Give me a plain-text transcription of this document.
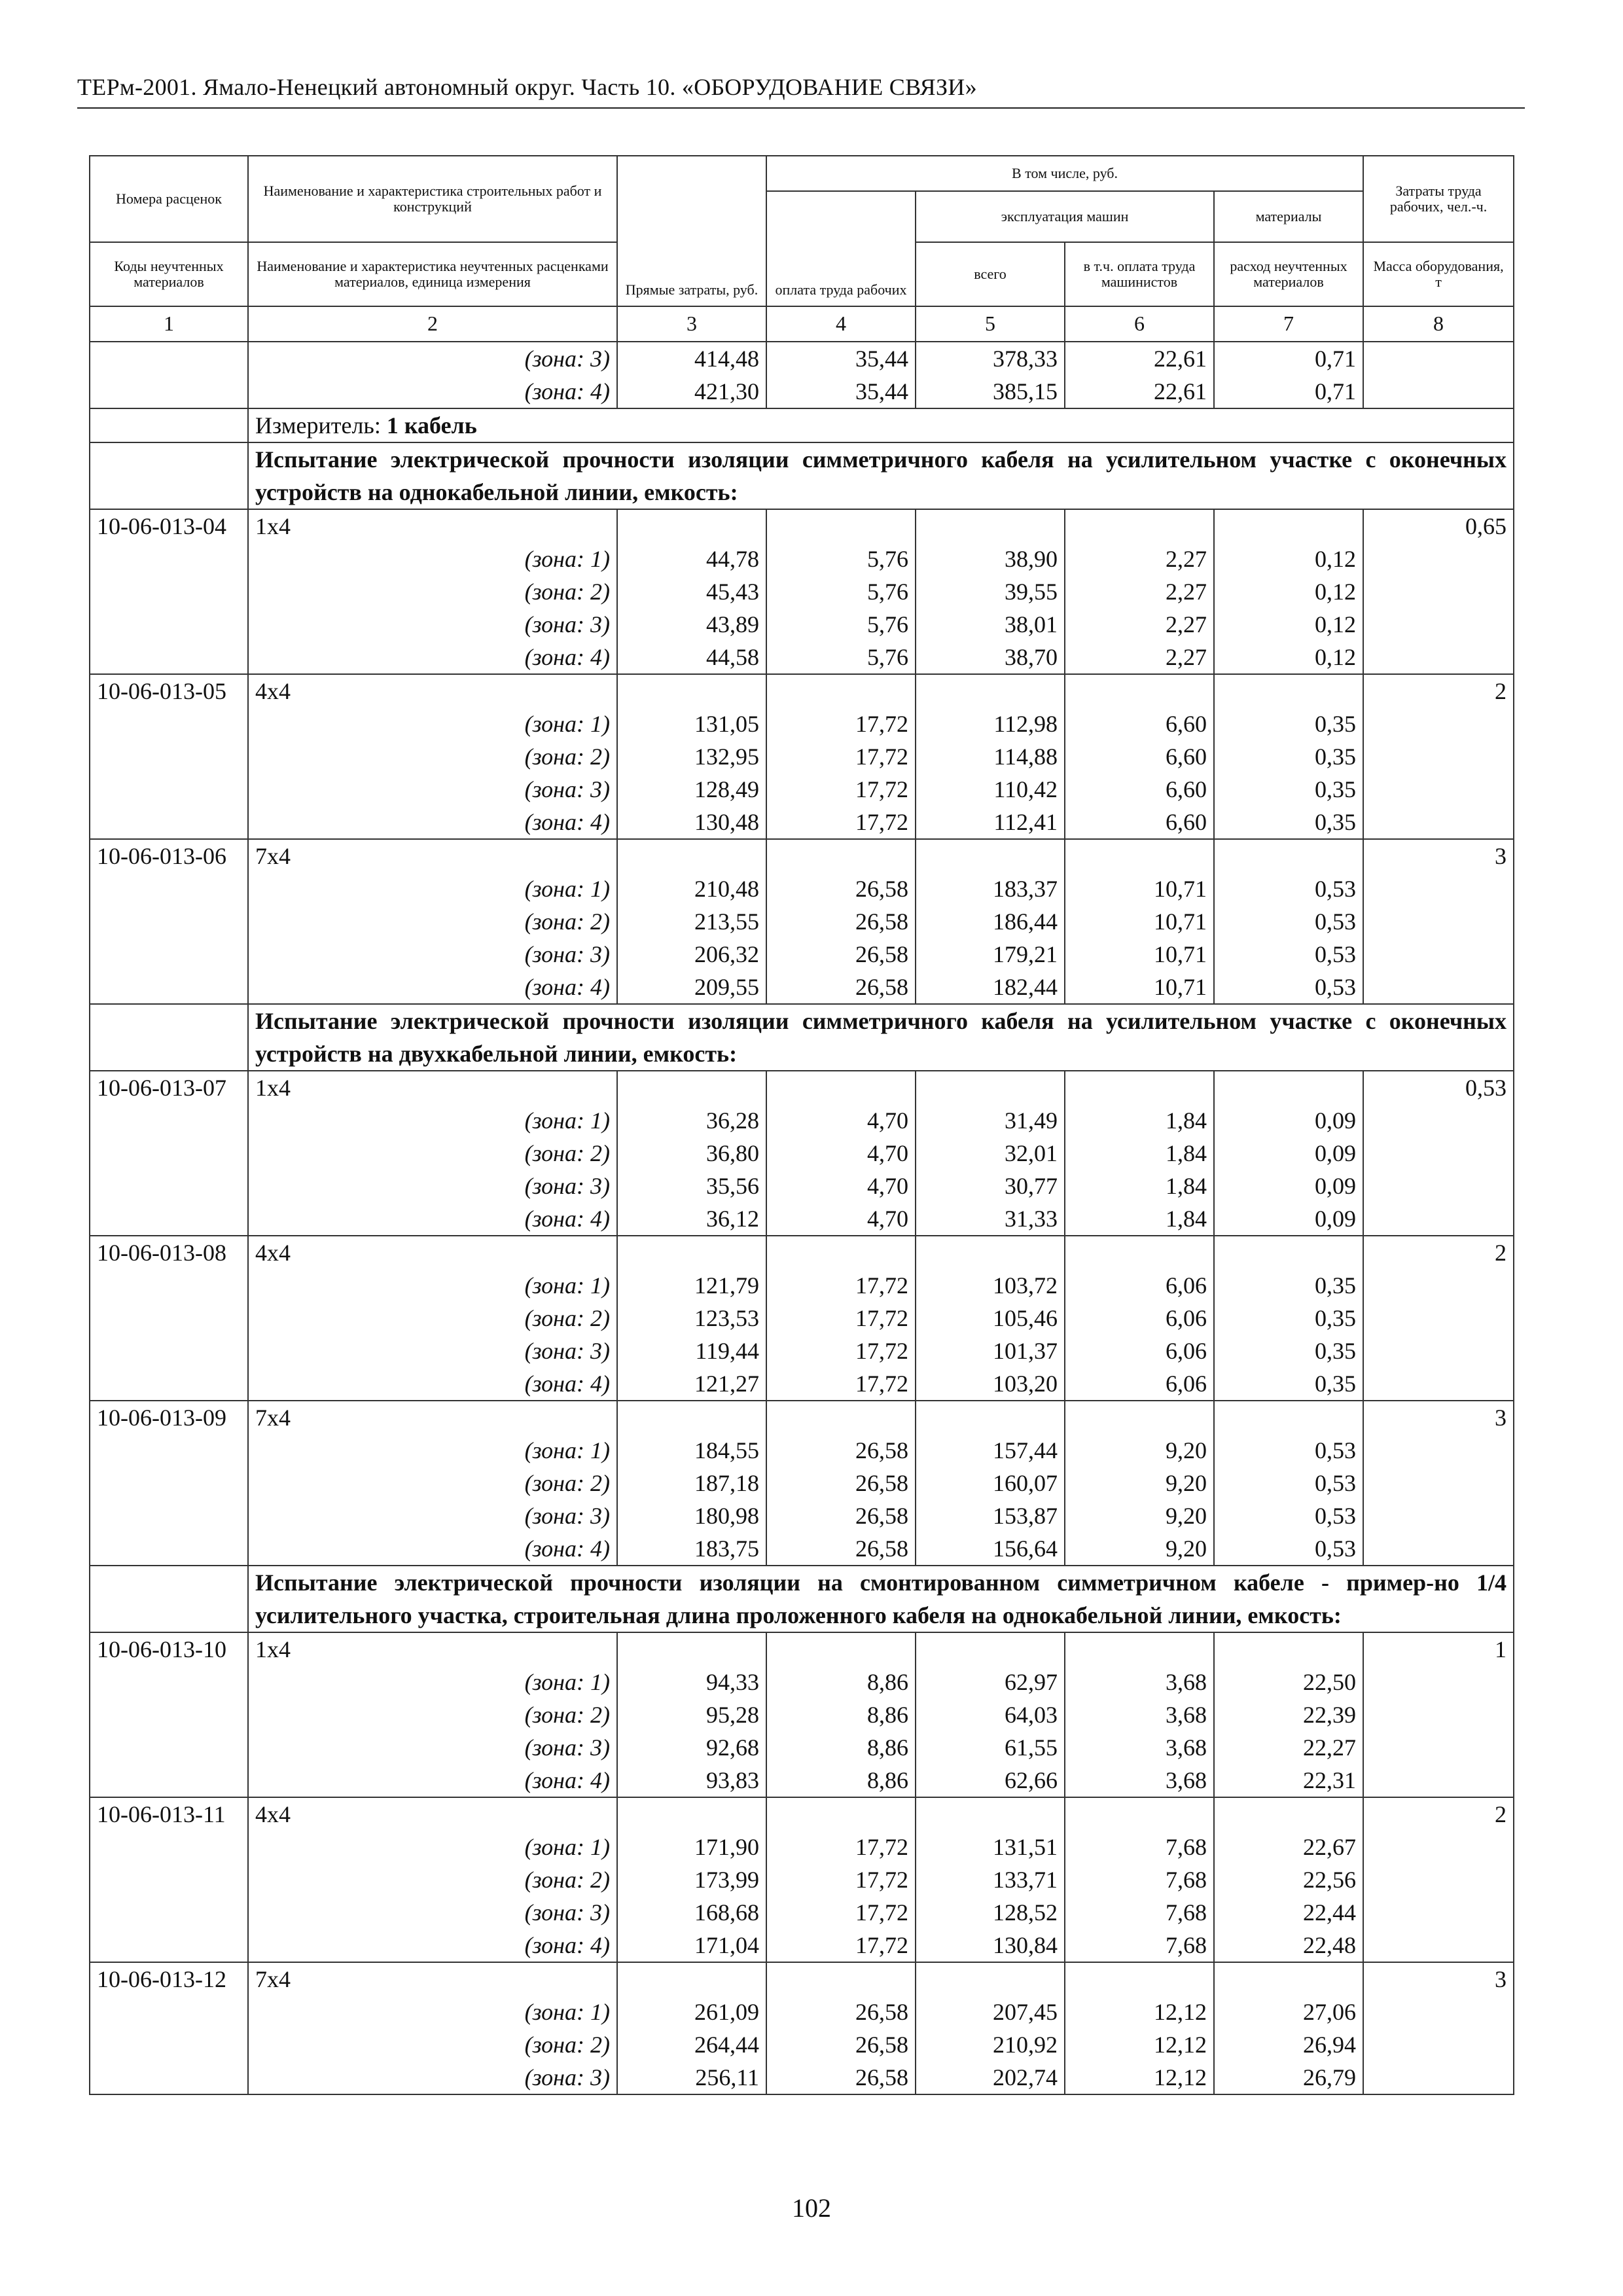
ТЕРм-2001. Ямало-Ненецкий автономный округ. Часть 10. «ОБОРУДОВАНИЕ СВЯЗИ»
Номера расценок	Наименование и характеристика строительных работ и конструкций	Прямые затраты, руб.	В том числе, руб.				Затраты труда рабочих, чел.-ч.
			оплата труда рабочих	эксплуатация машин		материалы	
Коды неучтенных материалов	Наименование и характеристика неучтенных расценками материалов, единица измерения			всего	в т.ч. оплата труда машинистов	расход неучтенных материалов	Масса оборудования, т
1	2	3	4	5	6	7	8
	(зона: 3)	414,48	35,44	378,33	22,61	0,71	
	(зона: 4)	421,30	35,44	385,15	22,61	0,71	
	Измеритель: 1 кабель						
	Испытание электрической прочности изоляции симметричного кабеля на усилительном участке с оконечных устройств на однокабельной линии, емкость:						
10-06-013-04	1х4						0,65
	(зона: 1)	44,78	5,76	38,90	2,27	0,12	
	(зона: 2)	45,43	5,76	39,55	2,27	0,12	
	(зона: 3)	43,89	5,76	38,01	2,27	0,12	
	(зона: 4)	44,58	5,76	38,70	2,27	0,12	
10-06-013-05	4х4						2
	(зона: 1)	131,05	17,72	112,98	6,60	0,35	
	(зона: 2)	132,95	17,72	114,88	6,60	0,35	
	(зона: 3)	128,49	17,72	110,42	6,60	0,35	
	(зона: 4)	130,48	17,72	112,41	6,60	0,35	
10-06-013-06	7х4						3
	(зона: 1)	210,48	26,58	183,37	10,71	0,53	
	(зона: 2)	213,55	26,58	186,44	10,71	0,53	
	(зона: 3)	206,32	26,58	179,21	10,71	0,53	
	(зона: 4)	209,55	26,58	182,44	10,71	0,53	
	Испытание электрической прочности изоляции симметричного кабеля на усилительном участке с оконечных устройств на двухкабельной линии, емкость:						
10-06-013-07	1х4						0,53
	(зона: 1)	36,28	4,70	31,49	1,84	0,09	
	(зона: 2)	36,80	4,70	32,01	1,84	0,09	
	(зона: 3)	35,56	4,70	30,77	1,84	0,09	
	(зона: 4)	36,12	4,70	31,33	1,84	0,09	
10-06-013-08	4х4						2
	(зона: 1)	121,79	17,72	103,72	6,06	0,35	
	(зона: 2)	123,53	17,72	105,46	6,06	0,35	
	(зона: 3)	119,44	17,72	101,37	6,06	0,35	
	(зона: 4)	121,27	17,72	103,20	6,06	0,35	
10-06-013-09	7х4						3
	(зона: 1)	184,55	26,58	157,44	9,20	0,53	
	(зона: 2)	187,18	26,58	160,07	9,20	0,53	
	(зона: 3)	180,98	26,58	153,87	9,20	0,53	
	(зона: 4)	183,75	26,58	156,64	9,20	0,53	
	Испытание электрической прочности изоляции на смонтированном симметричном кабеле - пример-но 1/4 усилительного участка, строительная длина проложенного кабеля на однокабельной линии, емкость:						
10-06-013-10	1х4						1
	(зона: 1)	94,33	8,86	62,97	3,68	22,50	
	(зона: 2)	95,28	8,86	64,03	3,68	22,39	
	(зона: 3)	92,68	8,86	61,55	3,68	22,27	
	(зона: 4)	93,83	8,86	62,66	3,68	22,31	
10-06-013-11	4х4						2
	(зона: 1)	171,90	17,72	131,51	7,68	22,67	
	(зона: 2)	173,99	17,72	133,71	7,68	22,56	
	(зона: 3)	168,68	17,72	128,52	7,68	22,44	
	(зона: 4)	171,04	17,72	130,84	7,68	22,48	
10-06-013-12	7х4						3
	(зона: 1)	261,09	26,58	207,45	12,12	27,06	
	(зона: 2)	264,44	26,58	210,92	12,12	26,94	
	(зона: 3)	256,11	26,58	202,74	12,12	26,79	
102
